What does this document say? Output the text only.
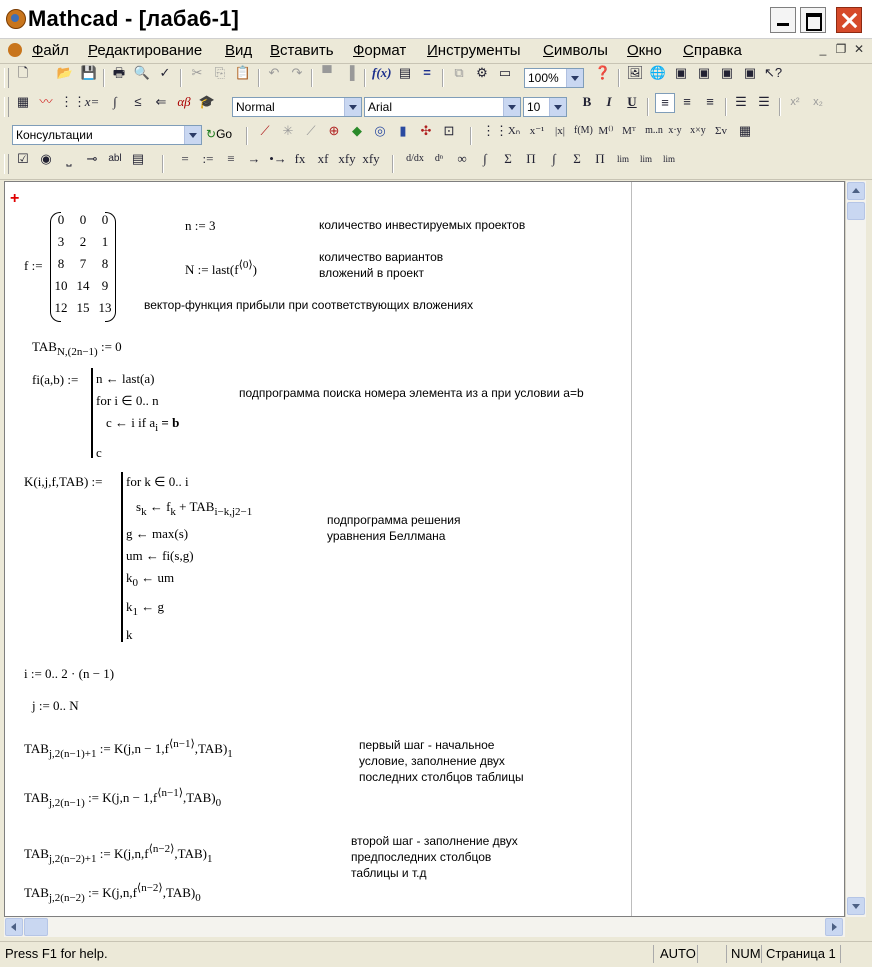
Mathcad - [лаба6-1]
Файл Редактирование Вид Вставить Формат Инструменты Символы Окно Справка	_ ❐ ✕
🗋 📂 💾 🖶 🔍 ✓ ✂ ⎘ 📋 ↶ ↷	▀	▐	f(x) ▤ =	⧉ ⚙ ▭	100%	❓ 🖼 🌐 ▣ ▣ ▣ ▣ ↖?
▦ 〰 ⋮⋮
x=	∫	≤	⇐ αβ 🎓	Normal	Arial	10	B	I	U	≡	≡	≡	☰ ☰	x²	x₂
Консультации	↻Go	⟋	✳ ⟋	⊕ ◆ ◎	▮	✣ ⊡ ⋮⋮ Xₙ x⁻¹ |x| f(M) M⁽⁾ Mᵀ m..n x·y x×y Σv ▦
☑ ◉	⎵	⊸	abl ▤	=	:=	≡ → •→ fx xf xfy xfy	d/dx	dⁿ	∞	∫	Σ	Π	∫	Σ	Π	lim	lim	lim
+
f :=
0	0	0
3	2	1
8	7	8
10 14 9
12 15 13
n := 3	количество инвестируемых проектов
N := $last(f^{⟨0⟩})$
количество вариантов
вложений в проект
вектор-функция прибыли при соответствующих вложениях
$TAB_{N,(2n-1)}$ := 0
fi(a,b) := n ← last(a)
for i ∈ 0.. n
c ← i if $a_i = b$
c
подпрограмма поиска номера элемента из a при условии a=b
K(i,j,f,TAB) := for k ∈ 0.. i
$s_k$ ← $f_k + TAB_{i-k,j2-1}$
g ← max(s)
um ← fi(s,g)
$k_0$ ← um
$k_1$ ← g
k
подпрограмма решения
уравнения Беллмана
i := 0.. 2 · (n − 1)
j := 0.. N
$TAB_{j,2(n-1)+1}$ := $K(j,n - 1,f^{⟨n-1⟩},TAB)_1$
$TAB_{j,2(n-1)}$ := $K(j,n - 1,f^{⟨n-1⟩},TAB)_0$
первый шаг - начальное
условие, заполнение двух
последних столбцов таблицы
$TAB_{j,2(n-2)+1}$ := $K(j,n,f^{⟨n-2⟩},TAB)_1$
$TAB_{j,2(n-2)}$ := $K(j,n,f^{⟨n-2⟩},TAB)_0$
второй шаг - заполнение двух
предпоследних столбцов
таблицы и т.д
Press F1 for help.	AUTO	NUM Страница 1
